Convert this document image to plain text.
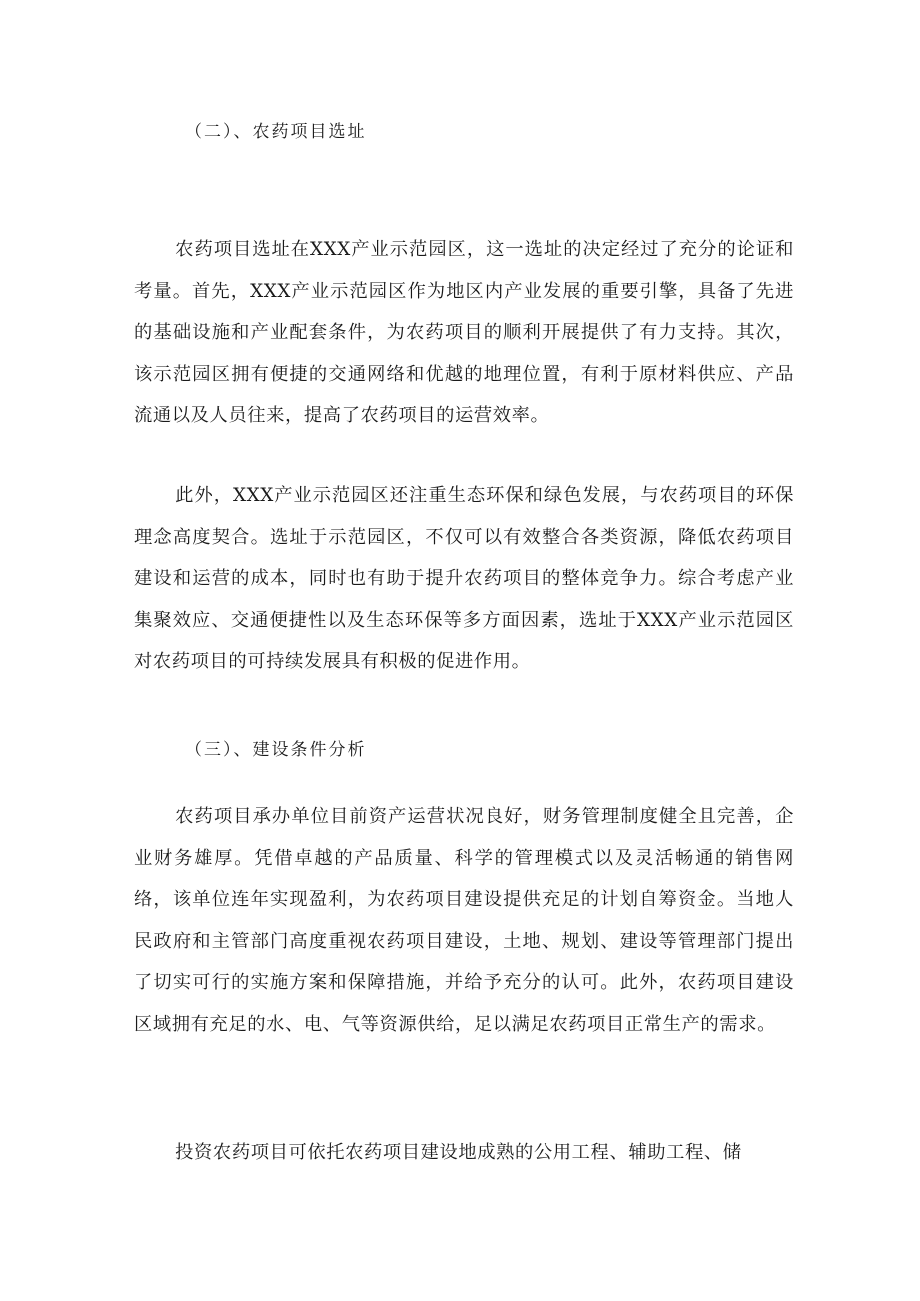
（二）、农药项目选址

农药项目选址在XXX产业示范园区，这一选址的决定经过了充分的论证和考量。首先，XXX产业示范园区作为地区内产业发展的重要引擎，具备了先进的基础设施和产业配套条件，为农药项目的顺利开展提供了有力支持。其次，该示范园区拥有便捷的交通网络和优越的地理位置，有利于原材料供应、产品流通以及人员往来，提高了农药项目的运营效率。

此外，XXX产业示范园区还注重生态环保和绿色发展，与农药项目的环保理念高度契合。选址于示范园区，不仅可以有效整合各类资源，降低农药项目建设和运营的成本，同时也有助于提升农药项目的整体竞争力。综合考虑产业集聚效应、交通便捷性以及生态环保等多方面因素，选址于XXX产业示范园区对农药项目的可持续发展具有积极的促进作用。

（三）、建设条件分析

农药项目承办单位目前资产运营状况良好，财务管理制度健全且完善，企业财务雄厚。凭借卓越的产品质量、科学的管理模式以及灵活畅通的销售网络，该单位连年实现盈利，为农药项目建设提供充足的计划自筹资金。当地人民政府和主管部门高度重视农药项目建设，土地、规划、建设等管理部门提出了切实可行的实施方案和保障措施，并给予充分的认可。此外，农药项目建设区域拥有充足的水、电、气等资源供给，足以满足农药项目正常生产的需求。

投资农药项目可依托农药项目建设地成熟的公用工程、辅助工程、储
